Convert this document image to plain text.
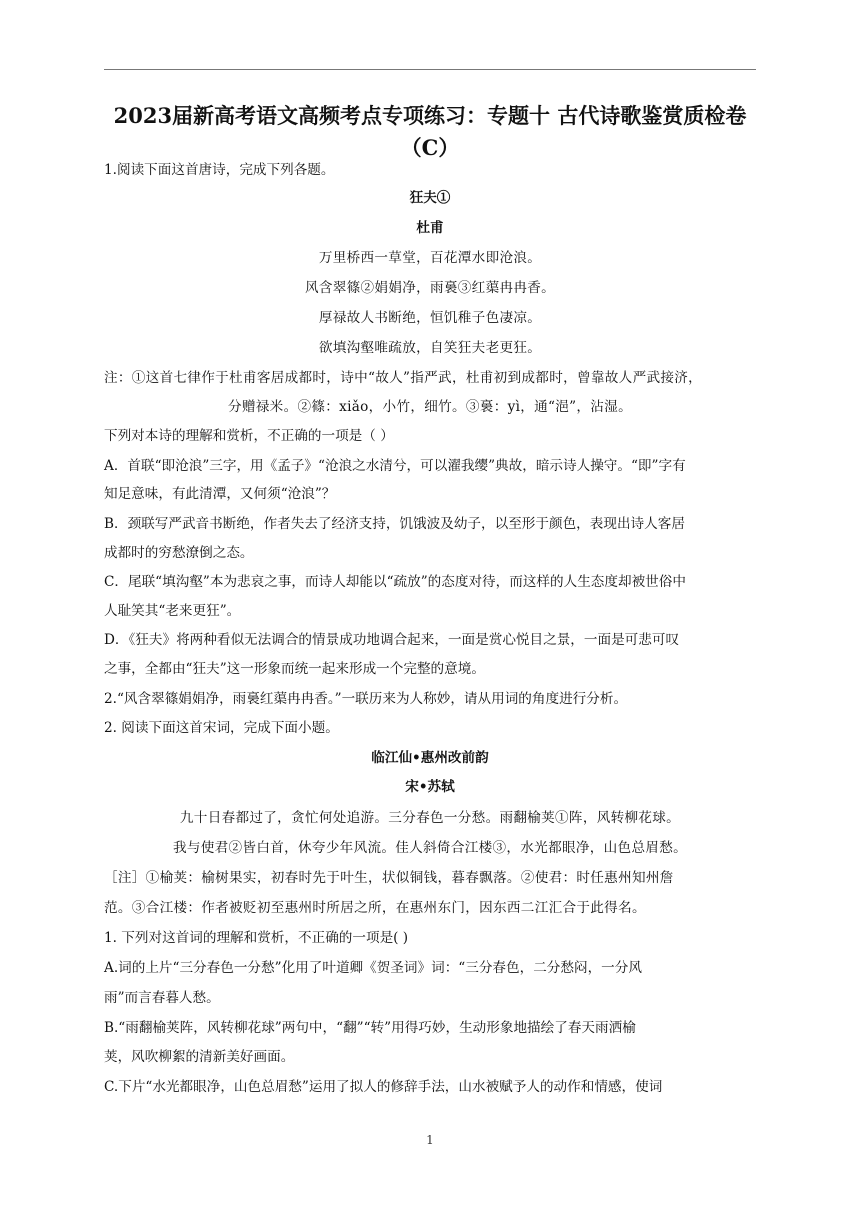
2023届新高考语文高频考点专项练习：专题十 古代诗歌鉴赏质检卷
（C）
1.阅读下面这首唐诗，完成下列各题。
狂夫①
杜甫
万里桥西一草堂，百花潭水即沧浪。
风含翠篠②娟娟净，雨裛③红蕖冉冉香。
厚禄故人书断绝，恒饥稚子色凄凉。
欲填沟壑唯疏放，自笑狂夫老更狂。
注：①这首七律作于杜甫客居成都时，诗中“故人”指严武，杜甫初到成都时，曾靠故人严武接济，
分赠禄米。②篠：xiǎo，小竹，细竹。③裛：yì，通“浥”，沾湿。
下列对本诗的理解和赏析，不正确的一项是（ ）
A．首联“即沧浪”三字，用《孟子》“沧浪之水清兮，可以濯我缨”典故，暗示诗人操守。“即”字有
知足意味，有此清潭，又何须“沧浪”？
B．颈联写严武音书断绝，作者失去了经济支持，饥饿波及幼子，以至形于颜色，表现出诗人客居
成都时的穷愁潦倒之态。
C．尾联“填沟壑”本为悲哀之事，而诗人却能以“疏放”的态度对待，而这样的人生态度却被世俗中
人耻笑其“老来更狂”。
D．《狂夫》将两种看似无法调合的情景成功地调合起来，一面是赏心悦目之景，一面是可悲可叹
之事，全都由“狂夫”这一形象而统一起来形成一个完整的意境。
2.“风含翠篠娟娟净，雨裛红蕖冉冉香。”一联历来为人称妙，请从用词的角度进行分析。
2. 阅读下面这首宋词，完成下面小题。
临江仙•惠州改前韵
宋•苏轼
九十日春都过了，贪忙何处追游。三分春色一分愁。雨翻榆荚①阵，风转柳花球。
我与使君②皆白首，休夸少年风流。佳人斜倚合江楼③，水光都眼净，山色总眉愁。
［注］①榆荚：榆树果实，初春时先于叶生，状似铜钱，暮春飘落。②使君：时任惠州知州詹
范。③合江楼：作者被贬初至惠州时所居之所，在惠州东门，因东西二江汇合于此得名。
1. 下列对这首词的理解和赏析，不正确的一项是( )
A.词的上片“三分春色一分愁”化用了叶道卿《贺圣词》词：“三分春色，二分愁闷，一分风
雨”而言春暮人愁。
B.“雨翻榆荚阵，风转柳花球”两句中，“翻”“转”用得巧妙，生动形象地描绘了春天雨洒榆
荚，风吹柳絮的清新美好画面。
C.下片“水光都眼净，山色总眉愁”运用了拟人的修辞手法，山水被赋予人的动作和情感，使词
1
